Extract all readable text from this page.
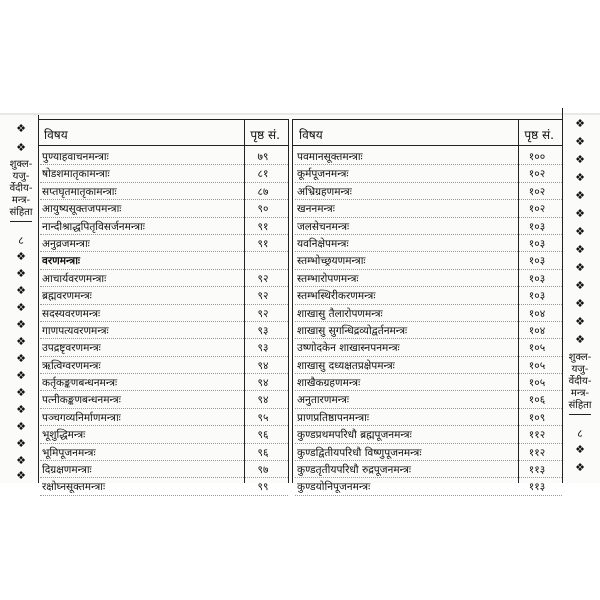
❖
❖
शुक्ल-
यजु-
र्वेदीय-
मन्त्र-
संहिता
८
❖
❖
❖
❖
❖
❖
❖
❖
❖
❖
❖
❖
❖
❖
❖
❖
❖
❖
❖
❖
❖
❖
❖
❖
❖
❖
❖
शुक्ल-
यजु-
र्वेदीय-
मन्त्र-
संहिता
८
❖
❖
विषय	पृष्ठ सं.
पुण्याहवाचनमन्त्राः	७९
षोडशमातृकामन्त्राः	८१
सप्तघृतमातृकामन्त्राः	८७
आयुष्यसूक्तजपमन्त्राः	९०
नान्दीश्राद्धपितृविसर्जनमन्त्राः	९१
अनुव्रजमन्त्राः	९१
वरणमन्त्राः
आचार्यवरणमन्त्राः	९२
ब्रह्मवरणमन्त्रः	९२
सदस्यवरणमन्त्रः	९२
गाणपत्यवरणमन्त्रः	९३
उपद्रष्टृवरणमन्त्रः	९३
ऋत्विग्वरणमन्त्रः	९४
कर्तृकङ्कणबन्धनमन्त्रः	९४
पत्नीकङ्कणबन्धनमन्त्रः	९४
पञ्चगव्यनिर्माणमन्त्राः	९५
भूशुद्धिमन्त्रः	९६
भूमिपूजनमन्त्रः	९६
दिग्रक्षणमन्त्राः	९७
रक्षोघ्नसूक्तमन्त्राः	९९
विषय	पृष्ठ सं.
पवमानसूक्तमन्त्राः	१००
कूर्मपूजनमन्त्रः	१०२
अभ्रिग्रहणमन्त्रः	१०२
खननमन्त्रः	१०२
जलसेचनमन्त्रः	१०३
यवनिक्षेपमन्त्रः	१०३
स्तम्भोच्छ्रयणमन्त्राः	१०३
स्तम्भारोपणमन्त्रः	१०३
स्तम्भस्थिरीकरणमन्त्रः	१०३
शाखासु तैलारोपणमन्त्रः	१०४
शाखासु सुगन्धिद्रव्योद्वर्तनमन्त्रः	१०४
उष्णोदकेन शाखास्नपनमन्त्रः	१०५
शाखासु दध्यक्षतप्रक्षेपमन्त्रः	१०५
शाखैकग्रहणमन्त्रः	१०५
अनुतारणमन्त्रः	१०६
प्राणप्रतिष्ठापनमन्त्राः	१०९
कुण्डप्रथमपरिधौ ब्रह्मपूजनमन्त्रः	११२
कुण्डद्वितीयपरिधौ विष्णुपूजनमन्त्रः	११२
कुण्डतृतीयपरिधौ रुद्रपूजनमन्त्रः	११३
कुण्डयोनिपूजनमन्त्रः	११३
